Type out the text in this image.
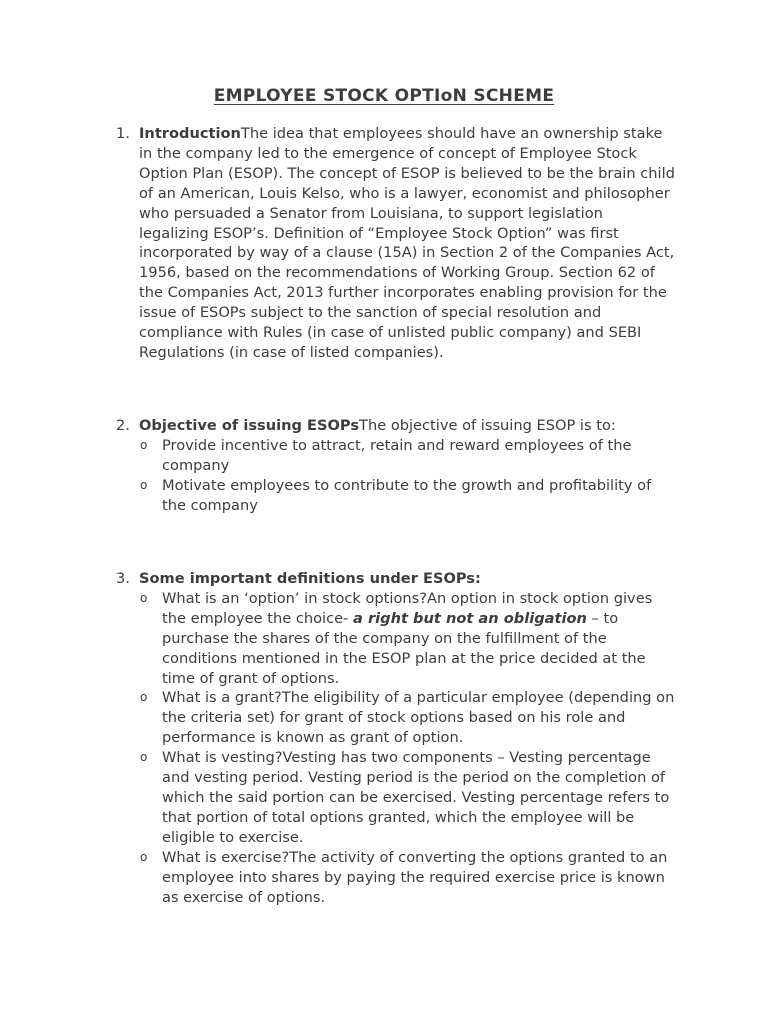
EMPLOYEE STOCK OPTIoN SCHEME
1. IntroductionThe idea that employees should have an ownership stake in the company led to the emergence of concept of Employee Stock Option Plan (ESOP). The concept of ESOP is believed to be the brain child of an American, Louis Kelso, who is a lawyer, economist and philosopher who persuaded a Senator from Louisiana, to support legislation legalizing ESOP’s. Definition of “Employee Stock Option” was first incorporated by way of a clause (15A) in Section 2 of the Companies Act, 1956, based on the recommendations of Working Group. Section 62 of the Companies Act, 2013 further incorporates enabling provision for the issue of ESOPs subject to the sanction of special resolution and compliance with Rules (in case of unlisted public company) and SEBI Regulations (in case of listed companies).
2. Objective of issuing ESOPsThe objective of issuing ESOP is to:
o Provide incentive to attract, retain and reward employees of the company
o Motivate employees to contribute to the growth and profitability of the company
3. Some important definitions under ESOPs:
o What is an ‘option’ in stock options?An option in stock option gives the employee the choice- a right but not an obligation – to purchase the shares of the company on the fulfillment of the conditions mentioned in the ESOP plan at the price decided at the time of grant of options.
o What is a grant?The eligibility of a particular employee (depending on the criteria set) for grant of stock options based on his role and performance is known as grant of option.
o What is vesting?Vesting has two components – Vesting percentage and vesting period. Vesting period is the period on the completion of which the said portion can be exercised. Vesting percentage refers to that portion of total options granted, which the employee will be eligible to exercise.
o What is exercise?The activity of converting the options granted to an employee into shares by paying the required exercise price is known as exercise of options.
